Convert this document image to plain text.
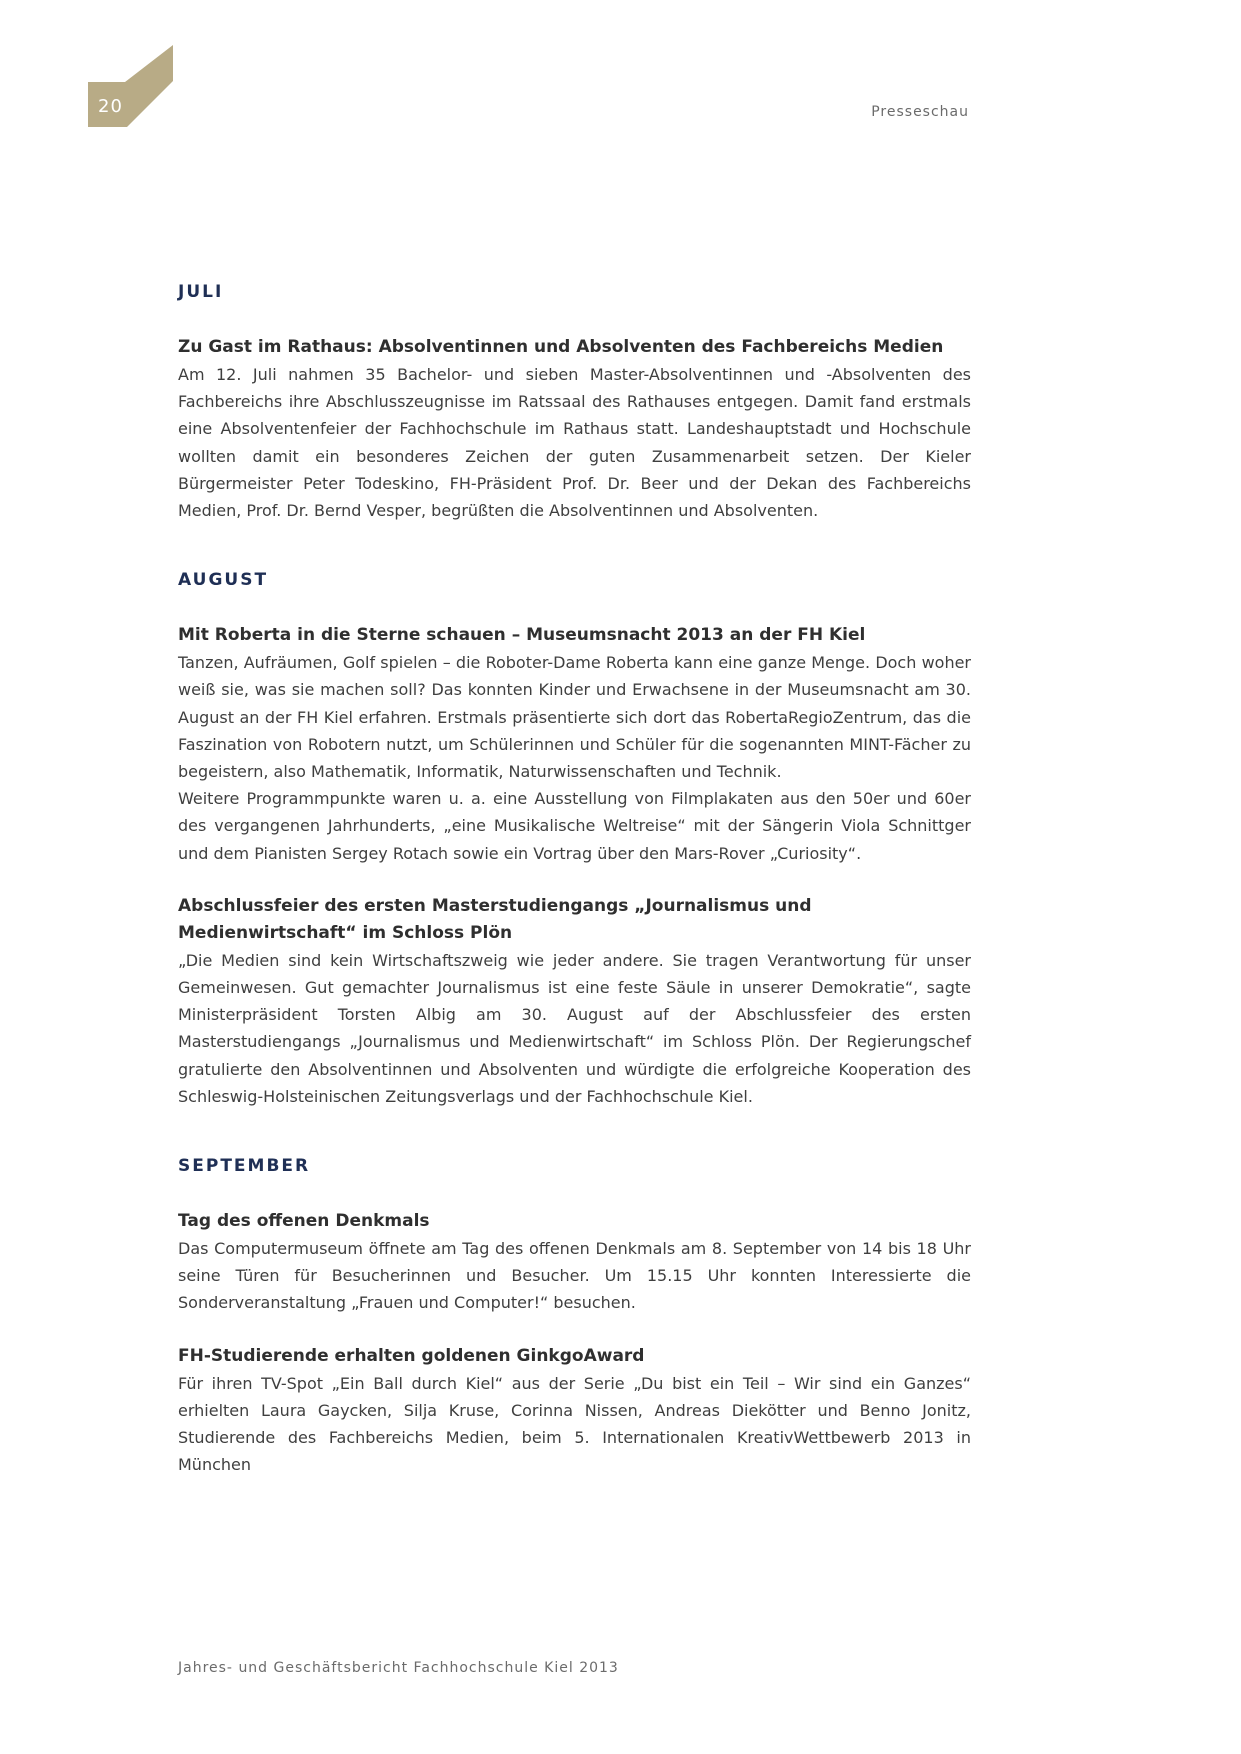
20	Presseschau
JULI
Zu Gast im Rathaus: Absolventinnen und Absolventen des Fachbereichs Medien

Am 12. Juli nahmen 35 Bachelor- und sieben Master-Absolventinnen und -Absolventen des Fachbereichs ihre Abschlusszeugnisse im Ratssaal des Rathauses entgegen. Damit fand erstmals eine Absolventenfeier der Fachhochschule im Rathaus statt. Landeshauptstadt und Hochschule wollten damit ein besonderes Zeichen der guten Zusammenarbeit setzen. Der Kieler Bürgermeister Peter Todeskino, FH-Präsident Prof. Dr. Beer und der Dekan des Fachbereichs Medien, Prof. Dr. Bernd Vesper, begrüßten die Absolventinnen und Absolventen.

AUGUST
Mit Roberta in die Sterne schauen – Museumsnacht 2013 an der FH Kiel

Tanzen, Aufräumen, Golf spielen – die Roboter-Dame Roberta kann eine ganze Menge. Doch woher weiß sie, was sie machen soll? Das konnten Kinder und Erwachsene in der Museumsnacht am 30. August an der FH Kiel erfahren. Erstmals präsentierte sich dort das RobertaRegioZentrum, das die Faszination von Robotern nutzt, um Schülerinnen und Schüler für die sogenannten MINT-Fächer zu begeistern, also Mathematik, Informatik, Naturwissenschaften und Technik.

Weitere Programmpunkte waren u. a. eine Ausstellung von Filmplakaten aus den 50er und 60er des vergangenen Jahrhunderts, „eine Musikalische Weltreise“ mit der Sängerin Viola Schnittger und dem Pianisten Sergey Rotach sowie ein Vortrag über den Mars-Rover „Curiosity“.

Abschlussfeier des ersten Masterstudiengangs „Journalismus und Medienwirtschaft“ im Schloss Plön

„Die Medien sind kein Wirtschaftszweig wie jeder andere. Sie tragen Verantwortung für unser Gemeinwesen. Gut gemachter Journalismus ist eine feste Säule in unserer Demokratie“, sagte Ministerpräsident Torsten Albig am 30. August auf der Abschlussfeier des ersten Masterstudiengangs „Journalismus und Medienwirtschaft“ im Schloss Plön. Der Regierungschef gratulierte den Absolventinnen und Absolventen und würdigte die erfolgreiche Kooperation des Schleswig-Holsteinischen Zeitungsverlags und der Fachhochschule Kiel.

SEPTEMBER
Tag des offenen Denkmals

Das Computermuseum öffnete am Tag des offenen Denkmals am 8. September von 14 bis 18 Uhr seine Türen für Besucherinnen und Besucher. Um 15.15 Uhr konnten Interessierte die Sonderveranstaltung „Frauen und Computer!“ besuchen.

FH-Studierende erhalten goldenen GinkgoAward

Für ihren TV-Spot „Ein Ball durch Kiel“ aus der Serie „Du bist ein Teil – Wir sind ein Ganzes“ erhielten Laura Gaycken, Silja Kruse, Corinna Nissen, Andreas Diekötter und Benno Jonitz, Studierende des Fachbereichs Medien, beim 5. Internationalen KreativWettbewerb 2013 in München

Jahres- und Geschäftsbericht Fachhochschule Kiel 2013
